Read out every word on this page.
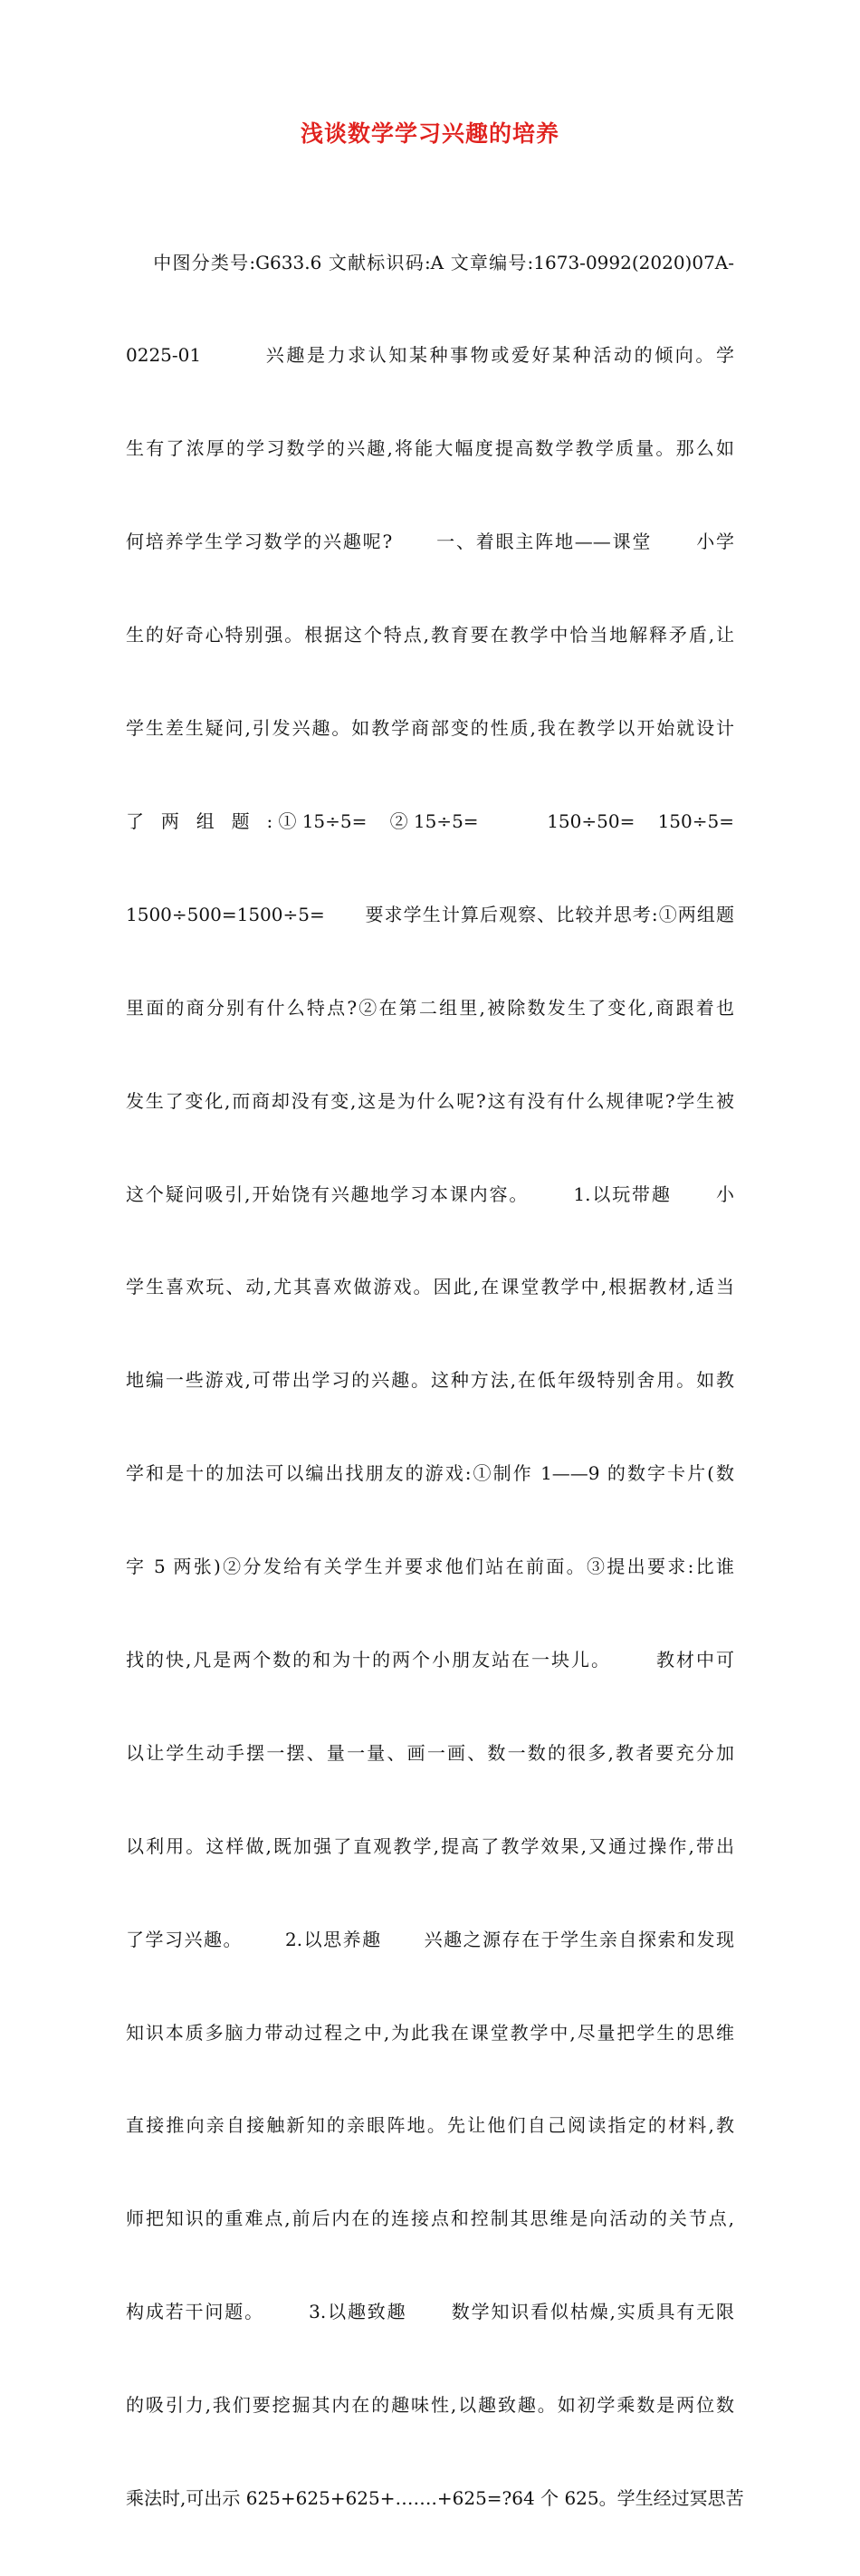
浅谈数学学习兴趣的培养

中图分类号:G633.6 文献标识码:A 文章编号:1673-0992(2020)07A-

0225-01        兴趣是力求认知某种事物或爱好某种活动的倾向。学

生有了浓厚的学习数学的兴趣,将能大幅度提高数学教学质量。那么如

何培养学生学习数学的兴趣呢?      一、着眼主阵地——课堂      小学

生的好奇心特别强。根据这个特点,教育要在教学中恰当地解释矛盾,让

学生差生疑问,引发兴趣。如教学商部变的性质,我在教学以开始就设计

了 两 组 题 :①15÷5=  ②15÷5=      150÷50=  150÷5=

1500÷500=1500÷5=      要求学生计算后观察、比较并思考:①两组题

里面的商分别有什么特点?②在第二组里,被除数发生了变化,商跟着也

发生了变化,而商却没有变,这是为什么呢?这有没有什么规律呢?学生被

这个疑问吸引,开始饶有兴趣地学习本课内容。      1.以玩带趣      小

学生喜欢玩、动,尤其喜欢做游戏。因此,在课堂教学中,根据教材,适当

地编一些游戏,可带出学习的兴趣。这种方法,在低年级特别舍用。如教

学和是十的加法可以编出找朋友的游戏:①制作 1——9 的数字卡片(数

字 5 两张)②分发给有关学生并要求他们站在前面。③提出要求:比谁

找的快,凡是两个数的和为十的两个小朋友站在一块儿。      教材中可

以让学生动手摆一摆、量一量、画一画、数一数的很多,教者要充分加

以利用。这样做,既加强了直观教学,提高了教学效果,又通过操作,带出

了学习兴趣。      2.以思养趣      兴趣之源存在于学生亲自探索和发现

知识本质多脑力带动过程之中,为此我在课堂教学中,尽量把学生的思维

直接推向亲自接触新知的亲眼阵地。先让他们自己阅读指定的材料,教

师把知识的重难点,前后内在的连接点和控制其思维是向活动的关节点,

构成若干问题。      3.以趣致趣      数学知识看似枯燥,实质具有无限

的吸引力,我们要挖掘其内在的趣味性,以趣致趣。如初学乘数是两位数

乘法时,可出示 625+625+625+…….+625=?64 个 625。学生经过冥思苦
